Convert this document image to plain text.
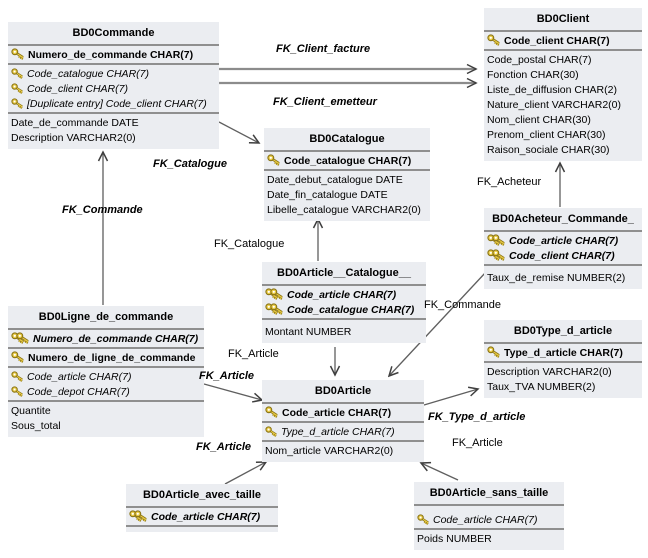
BD0Commande
Numero_de_commande CHAR(7)
Code_catalogue CHAR(7)
Code_client CHAR(7)
[Duplicate entry] Code_client CHAR(7)
Date_de_commande DATE
Description VARCHAR2(0)
BD0Client
Code_client CHAR(7)
Code_postal CHAR(7)
Fonction CHAR(30)
Liste_de_diffusion CHAR(2)
Nature_client VARCHAR2(0)
Nom_client CHAR(30)
Prenom_client CHAR(30)
Raison_sociale CHAR(30)
BD0Catalogue
Code_catalogue CHAR(7)
Date_debut_catalogue DATE
Date_fin_catalogue DATE
Libelle_catalogue VARCHAR2(0)
BD0Article__Catalogue__
Code_article CHAR(7)
Code_catalogue CHAR(7)
Montant NUMBER
BD0Acheteur_Commande_
Code_article CHAR(7)
Code_client CHAR(7)
Taux_de_remise NUMBER(2)
BD0Ligne_de_commande
Numero_de_commande CHAR(7)
Numero_de_ligne_de_commande
Code_article CHAR(7)
Code_depot CHAR(7)
Quantite
Sous_total
BD0Type_d_article
Type_d_article CHAR(7)
Description VARCHAR2(0)
Taux_TVA NUMBER(2)
BD0Article
Code_article CHAR(7)
Type_d_article CHAR(7)
Nom_article VARCHAR2(0)
BD0Article_avec_taille
Code_article CHAR(7)
BD0Article_sans_taille
Code_article CHAR(7)
Poids NUMBER
FK_Client_facture
FK_Client_emetteur
FK_Catalogue
FK_Commande
FK_Catalogue
FK_Acheteur
FK_Commande
FK_Article
FK_Article
FK_Type_d_article
FK_Article	FK_Article
